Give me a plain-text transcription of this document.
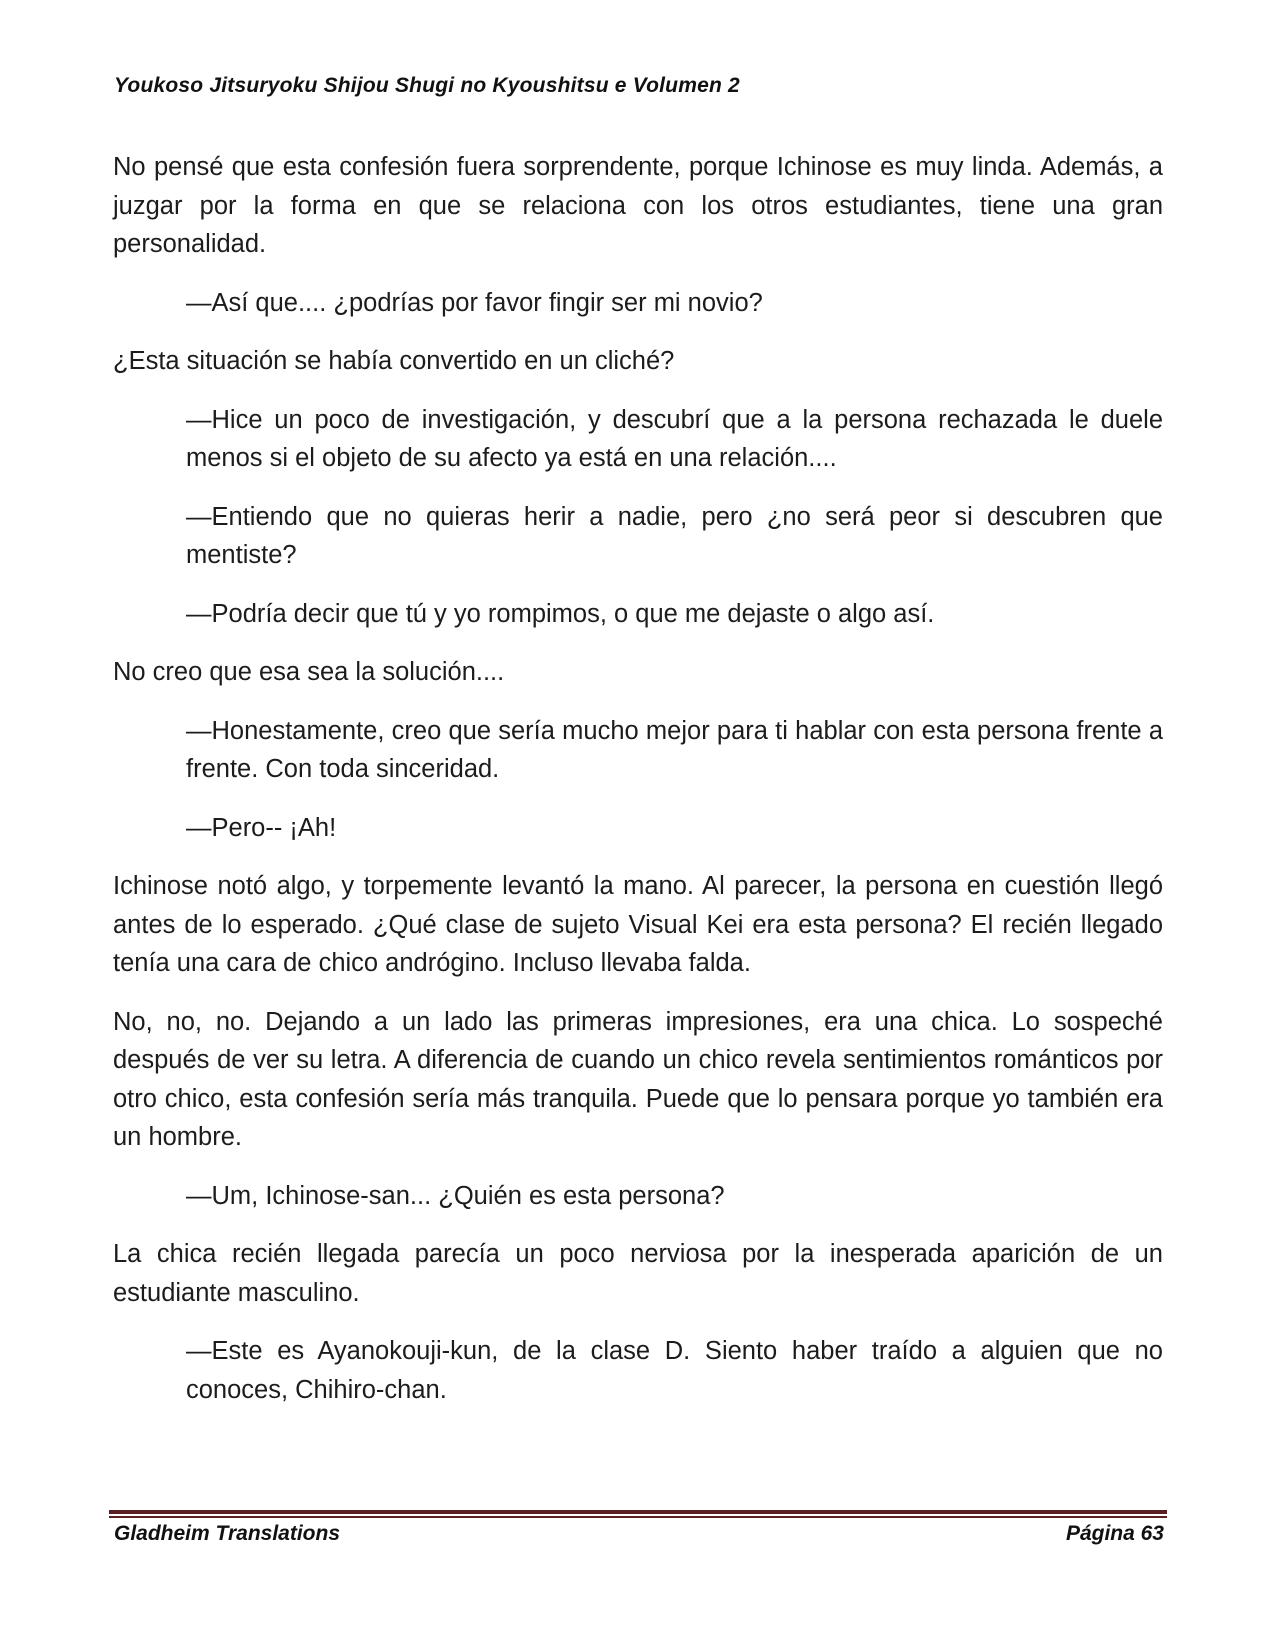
Youkoso Jitsuryoku Shijou Shugi no Kyoushitsu e Volumen 2

No pensé que esta confesión fuera sorprendente, porque Ichinose es muy linda. Además, a juzgar por la forma en que se relaciona con los otros estudiantes, tiene una gran personalidad.

—Así que.... ¿podrías por favor fingir ser mi novio?

¿Esta situación se había convertido en un cliché?

—Hice un poco de investigación, y descubrí que a la persona rechazada le duele menos si el objeto de su afecto ya está en una relación....

—Entiendo que no quieras herir a nadie, pero ¿no será peor si descubren que mentiste?

—Podría decir que tú y yo rompimos, o que me dejaste o algo así.

No creo que esa sea la solución....

—Honestamente, creo que sería mucho mejor para ti hablar con esta persona frente a frente. Con toda sinceridad.

—Pero-- ¡Ah!

Ichinose notó algo, y torpemente levantó la mano. Al parecer, la persona en cuestión llegó antes de lo esperado. ¿Qué clase de sujeto Visual Kei era esta persona? El recién llegado tenía una cara de chico andrógino. Incluso llevaba falda.

No, no, no. Dejando a un lado las primeras impresiones, era una chica. Lo sospeché después de ver su letra. A diferencia de cuando un chico revela sentimientos románticos por otro chico, esta confesión sería más tranquila. Puede que lo pensara porque yo también era un hombre.

—Um, Ichinose-san... ¿Quién es esta persona?

La chica recién llegada parecía un poco nerviosa por la inesperada aparición de un estudiante masculino.

—Este es Ayanokouji-kun, de la clase D. Siento haber traído a alguien que no conoces, Chihiro-chan.

Gladheim Translations	Página 63
